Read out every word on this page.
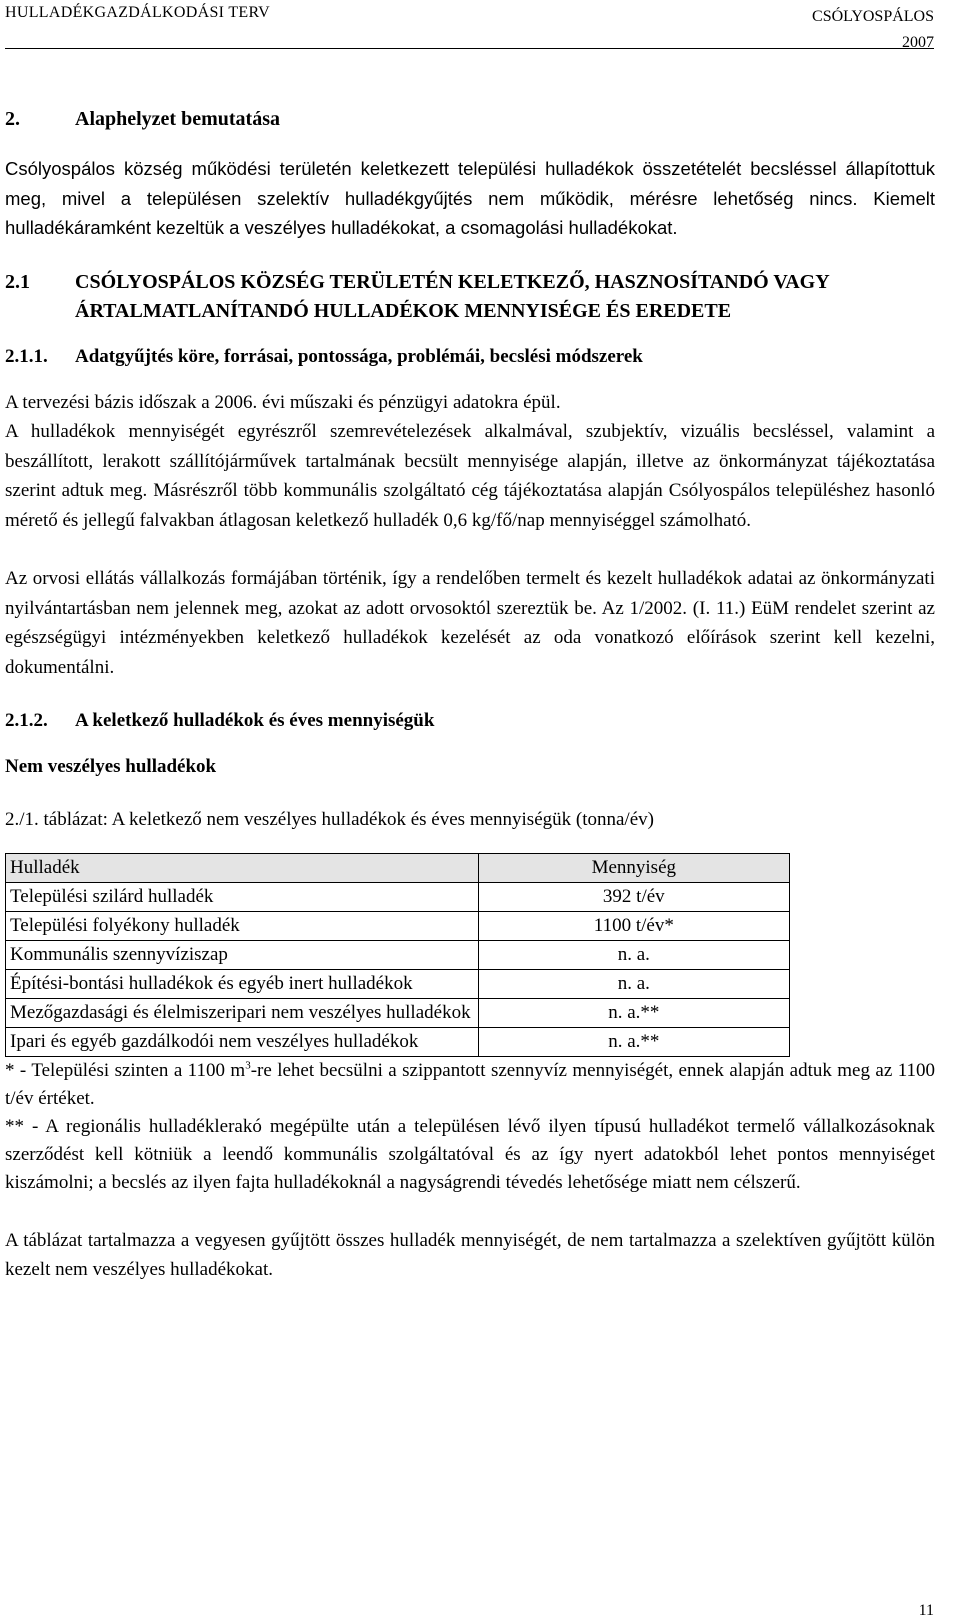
HULLADÉKGAZDÁLKODÁSI TERV	CSÓLYOSPÁLOS
2007
2.	Alaphelyzet bemutatása

Csólyospálos község működési területén keletkezett települési hulladékok összetételét becsléssel állapítottuk meg, mivel a településen szelektív hulladékgyűjtés nem működik, mérésre lehetőség nincs. Kiemelt hulladékáramként kezeltük a veszélyes hulladékokat, a csomagolási hulladékokat.

2.1	CSÓLYOSPÁLOS KÖZSÉG TERÜLETÉN KELETKEZŐ, HASZNOSÍTANDÓ VAGY ÁRTALMATLANÍTANDÓ HULLADÉKOK MENNYISÉGE ÉS EREDETE
2.1.1.	Adatgyűjtés köre, forrásai, pontossága, problémái, becslési módszerek

A tervezési bázis időszak a 2006. évi műszaki és pénzügyi adatokra épül.

A hulladékok mennyiségét egyrészről szemrevételezések alkalmával, szubjektív, vizuális becsléssel, valamint a beszállított, lerakott szállítójárművek tartalmának becsült mennyisége alapján, illetve az önkormányzat tájékoztatása szerint adtuk meg. Másrészről több kommunális szolgáltató cég tájékoztatása alapján Csólyospálos településhez hasonló mérető és jellegű falvakban átlagosan keletkező hulladék 0,6 kg/fő/nap mennyiséggel számolható.

Az orvosi ellátás vállalkozás formájában történik, így a rendelőben termelt és kezelt hulladékok adatai az önkormányzati nyilvántartásban nem jelennek meg, azokat az adott orvosoktól szereztük be. Az 1/2002. (I. 11.) EüM rendelet szerint az egészségügyi intézményekben keletkező hulladékok kezelését az oda vonatkozó előírások szerint kell kezelni, dokumentálni.

2.1.2.	A keletkező hulladékok és éves mennyiségük

Nem veszélyes hulladékok

2./1. táblázat: A keletkező nem veszélyes hulladékok és éves mennyiségük (tonna/év)

Hulladék	Mennyiség
Települési szilárd hulladék	392 t/év
Települési folyékony hulladék	1100 t/év*
Kommunális szennyvíziszap	n. a.
Építési-bontási hulladékok és egyéb inert hulladékok	n. a.
Mezőgazdasági és élelmiszeripari nem veszélyes hulladékok	n. a.**
Ipari és egyéb gazdálkodói nem veszélyes hulladékok	n. a.**

* - Települési szinten a 1100 $m^3-re$ lehet becsülni a szippantott szennyvíz mennyiségét, ennek alapján adtuk meg az 1100 t/év értéket.

** - A regionális hulladéklerakó megépülte után a településen lévő ilyen típusú hulladékot termelő vállalkozásoknak szerződést kell kötniük a leendő kommunális szolgáltatóval és az így nyert adatokból lehet pontos mennyiséget kiszámolni; a becslés az ilyen fajta hulladékoknál a nagyságrendi tévedés lehetősége miatt nem célszerű.

A táblázat tartalmazza a vegyesen gyűjtött összes hulladék mennyiségét, de nem tartalmazza a szelektíven gyűjtött külön kezelt nem veszélyes hulladékokat.

11
